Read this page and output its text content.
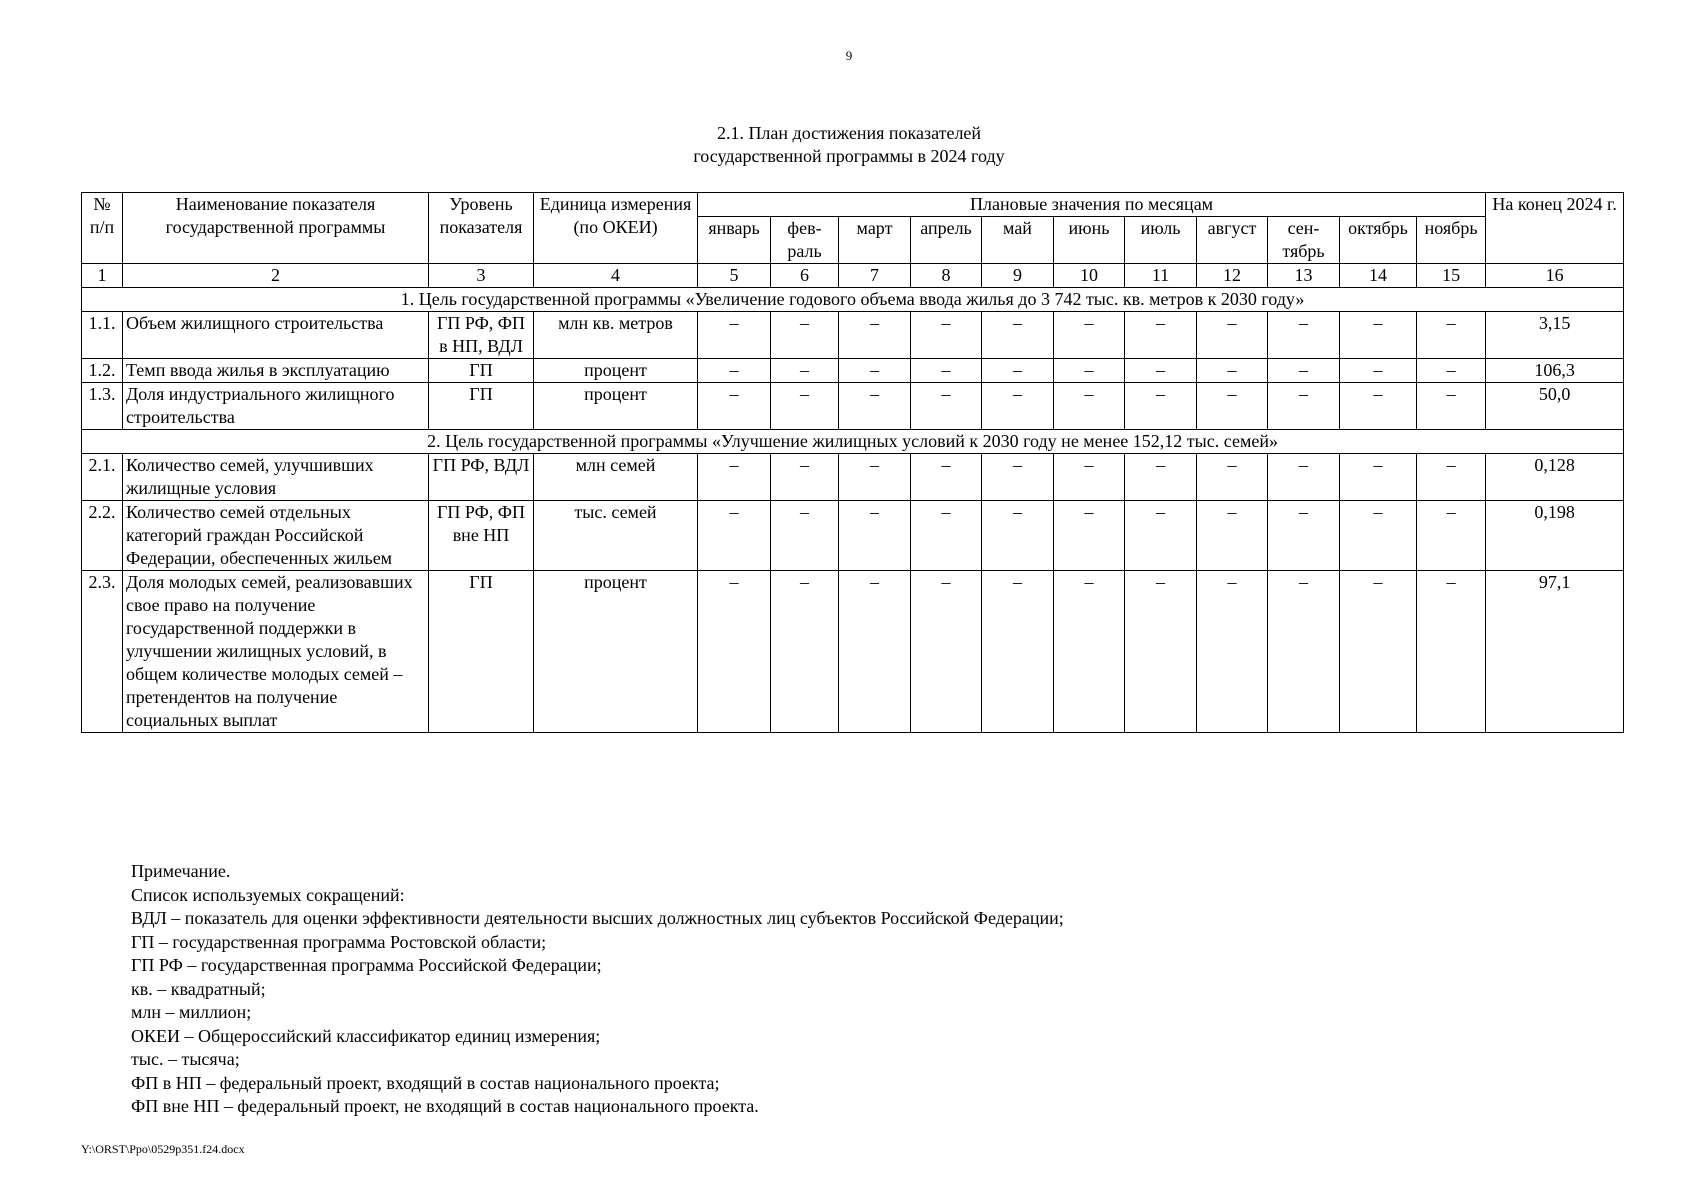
9
2.1. План достижения показателей
государственной программы в 2024 году
№ п/п	Наименование показателя государственной программы	Уровень показателя	Единица измерения (по ОКЕИ)	Плановые значения по месяцам											На конец 2024 г.
				январь	фев-раль	март	апрель	май	июнь	июль	август	сен-тябрь	октябрь	ноябрь	
1	2	3	4	5	6	7	8	9	10	11	12	13	14	15	16
1. Цель государственной программы «Увеличение годового объема ввода жилья до 3 742 тыс. кв. метров к 2030 году»															
1.1.	Объем жилищного строительства	ГП РФ, ФП в НП, ВДЛ	млн кв. метров	–	–	–	–	–	–	–	–	–	–	–	3,15
1.2.	Темп ввода жилья в эксплуатацию	ГП	процент	–	–	–	–	–	–	–	–	–	–	–	106,3
1.3.	Доля индустриального жилищного строительства	ГП	процент	–	–	–	–	–	–	–	–	–	–	–	50,0
2. Цель государственной программы «Улучшение жилищных условий к 2030 году не менее 152,12 тыс. семей»															
2.1.	Количество семей, улучшивших жилищные условия	ГП РФ, ВДЛ	млн семей	–	–	–	–	–	–	–	–	–	–	–	0,128
2.2.	Количество семей отдельных категорий граждан Российской Федерации, обеспеченных жильем	ГП РФ, ФП вне НП	тыс. семей	–	–	–	–	–	–	–	–	–	–	–	0,198
2.3.	Доля молодых семей, реализовавших свое право на получение государственной поддержки в улучшении жилищных условий, в общем количестве молодых семей – претендентов на получение социальных выплат	ГП	процент	–	–	–	–	–	–	–	–	–	–	–	97,1
Примечание.
Список используемых сокращений:
ВДЛ – показатель для оценки эффективности деятельности высших должностных лиц субъектов Российской Федерации;
ГП – государственная программа Ростовской области;
ГП РФ – государственная программа Российской Федерации;
кв. – квадратный;
млн – миллион;
ОКЕИ – Общероссийский классификатор единиц измерения;
тыс. – тысяча;
ФП в НП – федеральный проект, входящий в состав национального проекта;
ФП вне НП – федеральный проект, не входящий в состав национального проекта.
Y:\ORST\Ppo\0529p351.f24.docx
